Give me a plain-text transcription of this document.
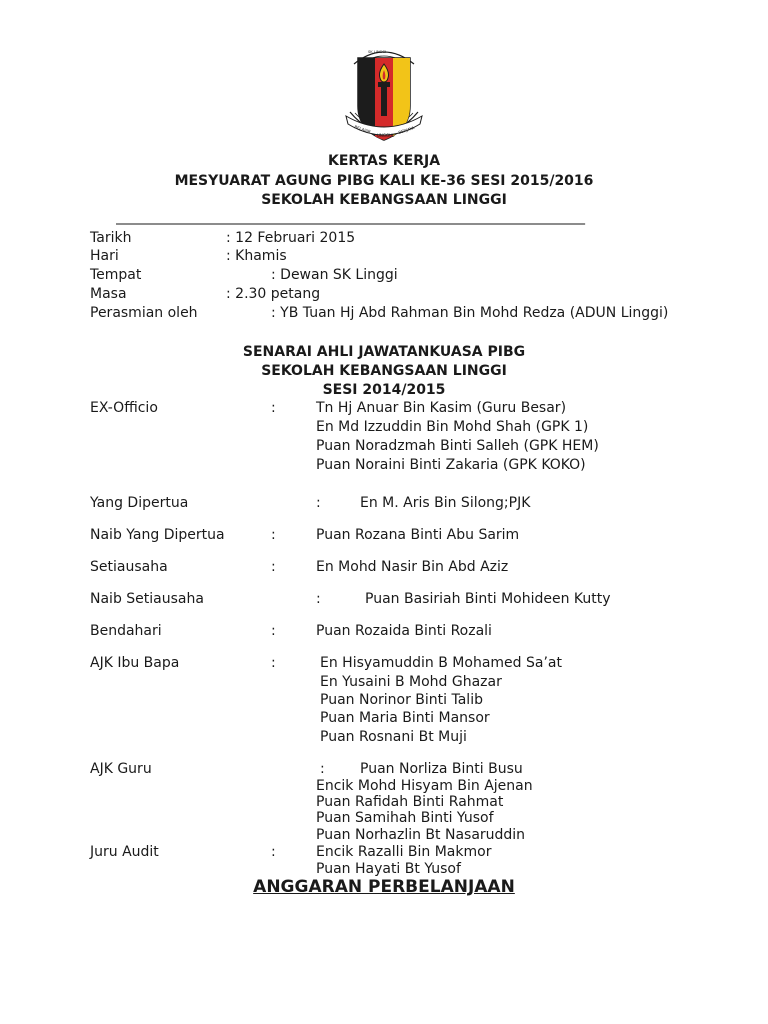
BELAJAR
UNGGUL
BERJAYA
SK LINGGI
KERTAS KERJA
MESYUARAT AGUNG PIBG KALI KE-36 SESI 2015/2016
SEKOLAH KEBANGSAAN LINGGI
___________________________________________________________________
Tarikh	: 12 Februari 2015
Hari	: Khamis
Tempat	: Dewan SK Linggi
Masa	: 2.30 petang
Perasmian oleh	: YB Tuan Hj Abd Rahman Bin Mohd Redza (ADUN Linggi)
SENARAI AHLI JAWATANKUASA PIBG
SEKOLAH KEBANGSAAN LINGGI
SESI 2014/2015
EX-Officio	:	Tn Hj Anuar Bin Kasim (Guru Besar)
En Md Izzuddin Bin Mohd Shah (GPK 1)
Puan Noradzmah Binti Salleh (GPK HEM)
Puan Noraini Binti Zakaria (GPK KOKO)
Yang Dipertua	:	En M. Aris Bin Silong;PJK
Naib Yang Dipertua	:	Puan Rozana Binti Abu Sarim
Setiausaha	:	En Mohd Nasir Bin Abd Aziz
Naib Setiausaha	:	Puan Basiriah Binti Mohideen Kutty
Bendahari	:	Puan Rozaida Binti Rozali
AJK Ibu Bapa	:	En Hisyamuddin B Mohamed Sa’at
En Yusaini B Mohd Ghazar
Puan Norinor Binti Talib
Puan Maria Binti Mansor
Puan Rosnani Bt Muji
AJK Guru	:	Puan Norliza Binti Busu
Encik Mohd Hisyam Bin Ajenan
Puan Rafidah Binti Rahmat
Puan Samihah Binti Yusof
Puan Norhazlin Bt Nasaruddin
Juru Audit	:	Encik Razalli Bin Makmor
Puan Hayati Bt Yusof
ANGGARAN PERBELANJAAN
